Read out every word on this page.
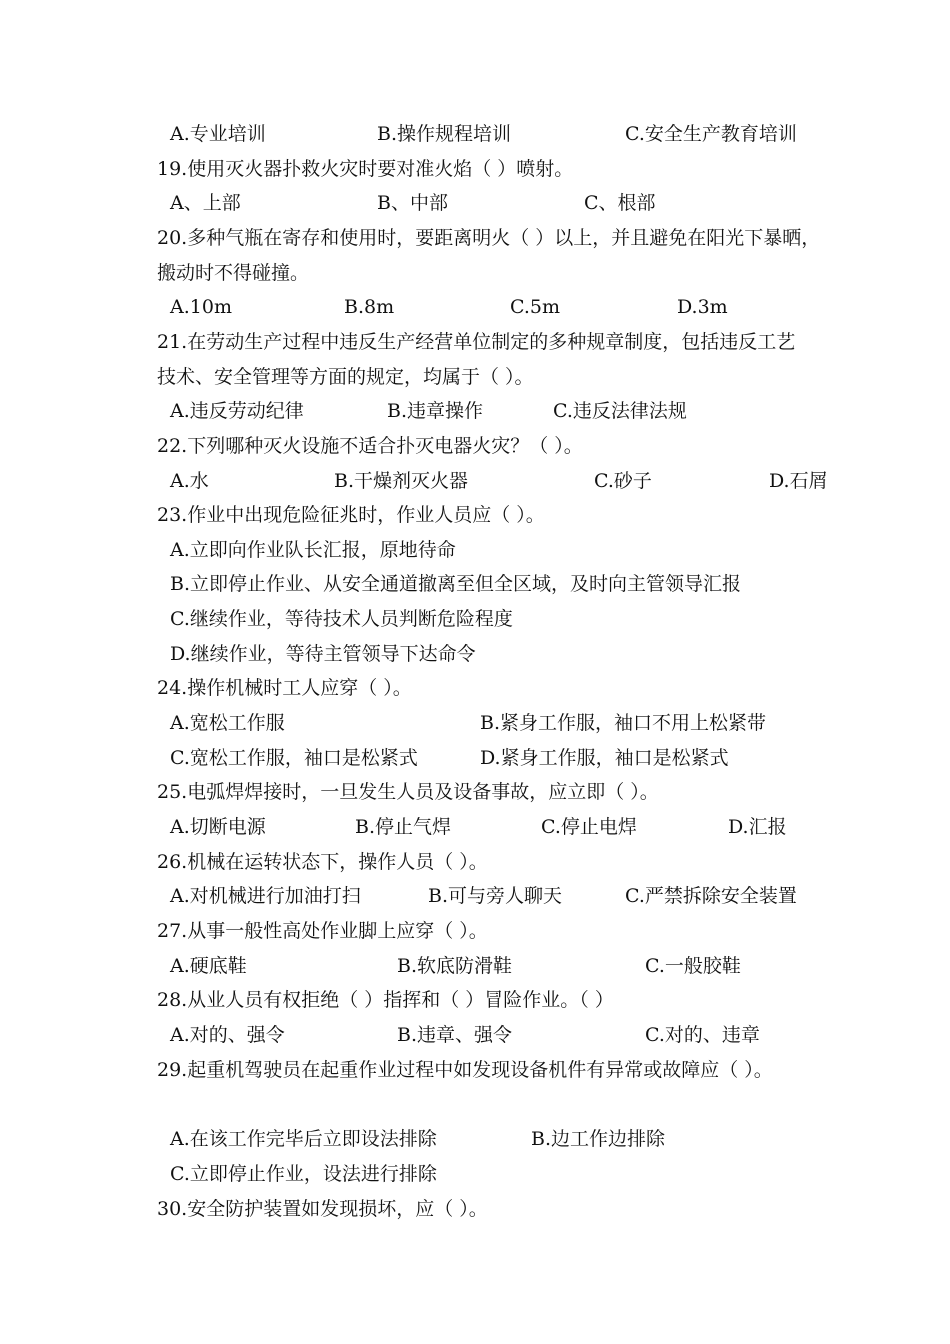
A.专业培训	B.操作规程培训	C.安全生产教育培训
19.使用灭火器扑救火灾时要对准火焰（ ）喷射。
A、上部	B、中部	C、根部
20.多种气瓶在寄存和使用时，要距离明火（ ）以上，并且避免在阳光下暴晒，
搬动时不得碰撞。
A.10m	B.8m	C.5m	D.3m
21.在劳动生产过程中违反生产经营单位制定的多种规章制度，包括违反工艺
技术、安全管理等方面的规定，均属于（ ）。
A.违反劳动纪律	B.违章操作	C.违反法律法规
22.下列哪种灭火设施不适合扑灭电器火灾？（ ）。
A.水	B.干燥剂灭火器	C.砂子	D.石屑
23.作业中出现危险征兆时，作业人员应（ ）。
A.立即向作业队长汇报，原地待命
B.立即停止作业、从安全通道撤离至但全区域，及时向主管领导汇报
C.继续作业，等待技术人员判断危险程度
D.继续作业，等待主管领导下达命令
24.操作机械时工人应穿（ ）。
A.宽松工作服	B.紧身工作服，袖口不用上松紧带
C.宽松工作服，袖口是松紧式	D.紧身工作服，袖口是松紧式
25.电弧焊焊接时，一旦发生人员及设备事故，应立即（ ）。
A.切断电源	B.停止气焊	C.停止电焊	D.汇报
26.机械在运转状态下，操作人员（ ）。
A.对机械进行加油打扫	B.可与旁人聊天	C.严禁拆除安全装置
27.从事一般性高处作业脚上应穿（ ）。
A.硬底鞋	B.软底防滑鞋	C.一般胶鞋
28.从业人员有权拒绝（ ）指挥和（ ）冒险作业。（ ）
A.对的、强令	B.违章、强令	C.对的、违章
29.起重机驾驶员在起重作业过程中如发现设备机件有异常或故障应（ ）。
A.在该工作完毕后立即设法排除	B.边工作边排除
C.立即停止作业，设法进行排除
30.安全防护装置如发现损坏，应（ ）。
